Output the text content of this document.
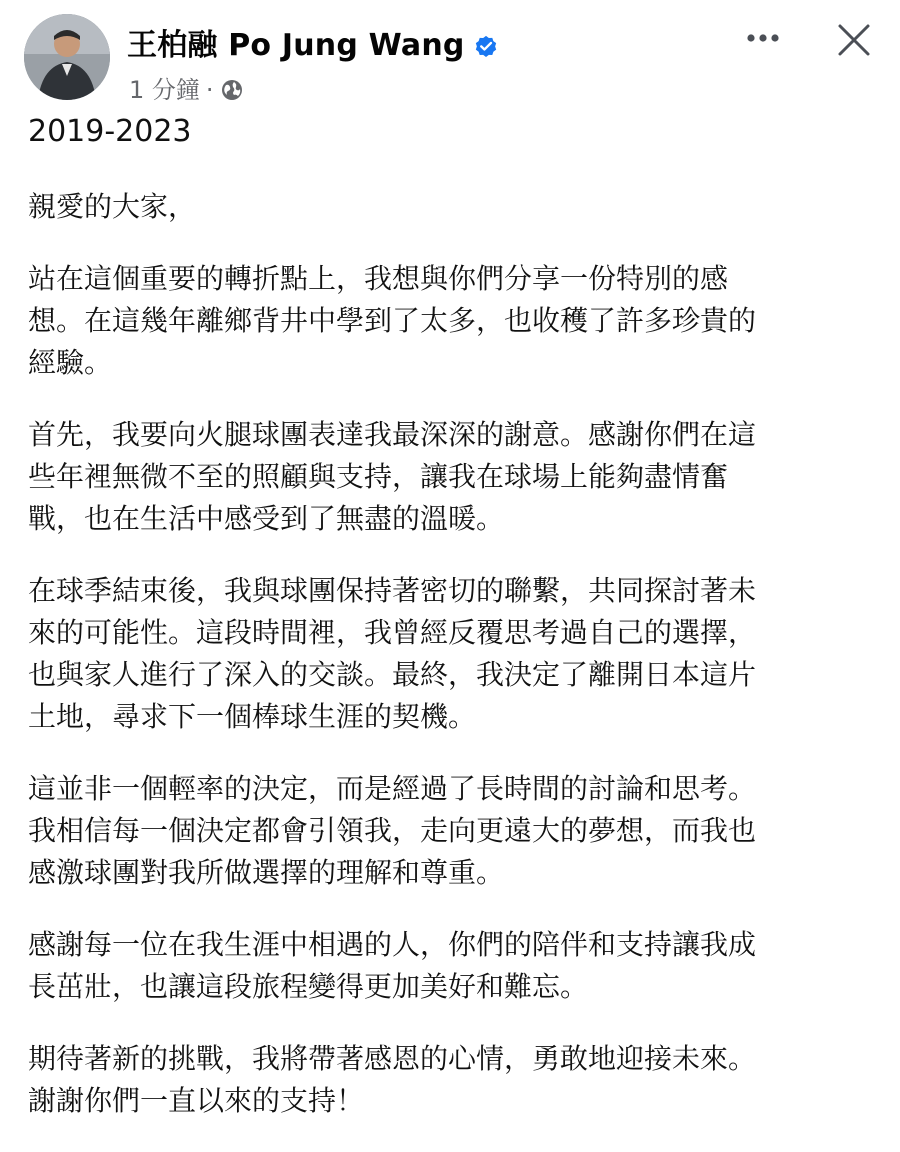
王柏融 Po Jung Wang
1 分鐘 ·
2019-2023
親愛的大家，
站在這個重要的轉折點上，我想與你們分享一份特別的感
想。在這幾年離鄉背井中學到了太多，也收穫了許多珍貴的
經驗。
首先，我要向火腿球團表達我最深深的謝意。感謝你們在這
些年裡無微不至的照顧與支持，讓我在球場上能夠盡情奮
戰，也在生活中感受到了無盡的溫暖。
在球季結束後，我與球團保持著密切的聯繫，共同探討著未
來的可能性。這段時間裡，我曾經反覆思考過自己的選擇，
也與家人進行了深入的交談。最終，我決定了離開日本這片
土地，尋求下一個棒球生涯的契機。
這並非一個輕率的決定，而是經過了長時間的討論和思考。
我相信每一個決定都會引領我，走向更遠大的夢想，而我也
感激球團對我所做選擇的理解和尊重。
感謝每一位在我生涯中相遇的人，你們的陪伴和支持讓我成
長茁壯，也讓這段旅程變得更加美好和難忘。
期待著新的挑戰，我將帶著感恩的心情，勇敢地迎接未來。
謝謝你們一直以來的支持！
